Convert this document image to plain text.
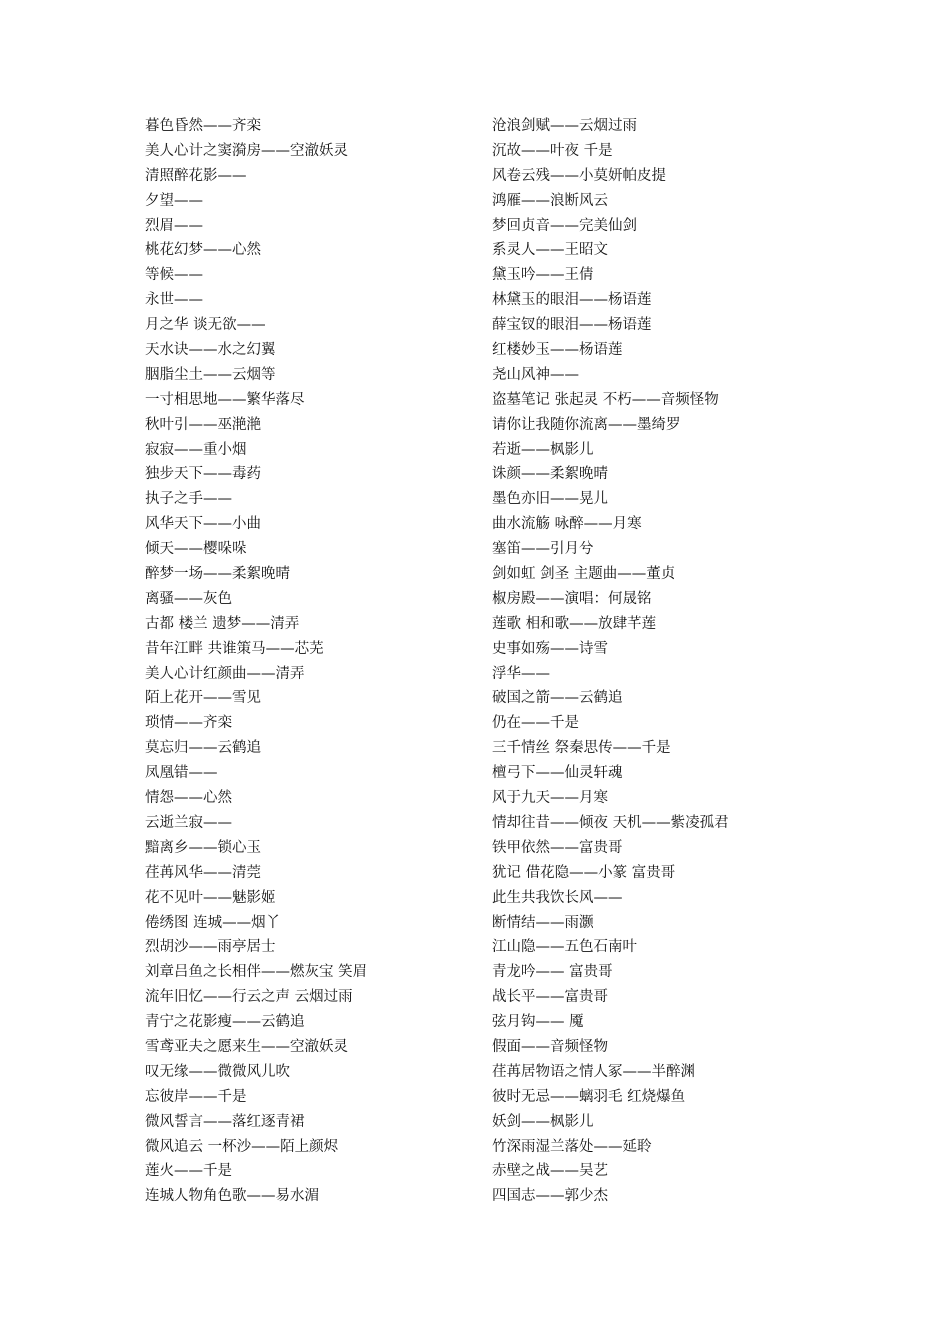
暮色昏然——齐栾
美人心计之窦漪房——空澈妖灵
清照醉花影——
夕望——
烈眉——
桃花幻梦——心然
等候——
永世——
月之华 谈无欲——
天水诀——水之幻翼
胭脂尘土——云烟等
一寸相思地——繁华落尽
秋叶引——巫滟滟
寂寂——重小烟
独步天下——毒药
执子之手——
风华天下——小曲
倾天——樱哚哚
醉梦一场——柔絮晚晴
离骚——灰色
古都 楼兰 遗梦——清弄
昔年江畔 共谁策马——芯芜
美人心计红颜曲——清弄
陌上花开——雪见
琐情——齐栾
莫忘归——云鹤追
凤凰错——
情怨——心然
云逝兰寂——
黯离乡——锁心玉
荏苒风华——清莞
花不见叶——魅影姬
倦绣图 连城——烟丫
烈胡沙——雨亭居士
刘章吕鱼之长相伴——燃灰宝 笑眉
流年旧忆——行云之声 云烟过雨
青宁之花影瘦——云鹤追
雪鸢亚夫之愿来生——空澈妖灵
叹无缘——微微风儿吹
忘彼岸——千是
微风誓言——落红逐青裙
微风追云 一杯沙——陌上颜烬
莲火——千是
连城人物角色歌——易水湄
沧浪剑赋——云烟过雨
沉故——叶夜 千是
风卷云残——小莫妍帕皮提
鸿雁——浪断风云
梦回贞音——完美仙剑
系灵人——王昭文
黛玉吟——王倩
林黛玉的眼泪——杨语莲
薛宝钗的眼泪——杨语莲
红楼妙玉——杨语莲
尧山风神——
盗墓笔记 张起灵 不朽——音频怪物
请你让我随你流离——墨绮罗
若逝——枫影儿
诛颜——柔絮晚晴
墨色亦旧——晃儿
曲水流觞 咏醉——月寒
塞笛——引月兮
剑如虹 剑圣 主题曲——董贞
椒房殿——演唱：何晟铭
莲歌 相和歌——放肆芊莲
史事如殇——诗雪
浮华——
破国之箭——云鹤追
仍在——千是
三千情丝 祭秦思传——千是
檀弓下——仙灵轩魂
风于九天——月寒
情却往昔——倾夜 天机——紫凌孤君
铁甲依然——富贵哥
犹记 借花隐——小篆 富贵哥
此生共我饮长风——
断情结——雨灏
江山隐——五色石南叶
青龙吟—— 富贵哥
战长平——富贵哥
弦月钩—— 魇
假面——音频怪物
荏苒居物语之情人冢——半醉渊
彼时无忌——螭羽毛 红烧爆鱼
妖剑——枫影儿
竹深雨湿兰落处——延聆
赤壁之战——吴艺
四国志——郭少杰
